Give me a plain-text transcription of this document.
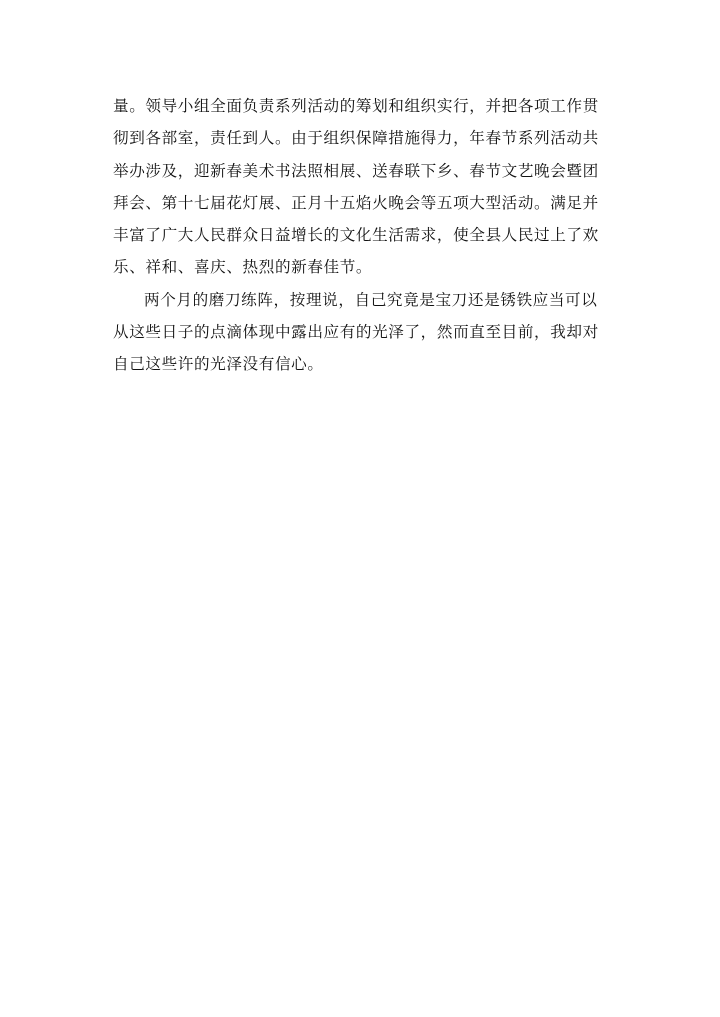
量。领导小组全面负责系列活动的筹划和组织实行，并把各项工作贯
彻到各部室，责任到人。由于组织保障措施得力，年春节系列活动共
举办涉及，迎新春美术书法照相展、送春联下乡、春节文艺晚会暨团
拜会、第十七届花灯展、正月十五焰火晚会等五项大型活动。满足并
丰富了广大人民群众日益增长的文化生活需求，使全县人民过上了欢
乐、祥和、喜庆、热烈的新春佳节。
两个月的磨刀练阵，按理说，自己究竟是宝刀还是锈铁应当可以
从这些日子的点滴体现中露出应有的光泽了，然而直至目前，我却对
自己这些许的光泽没有信心。
